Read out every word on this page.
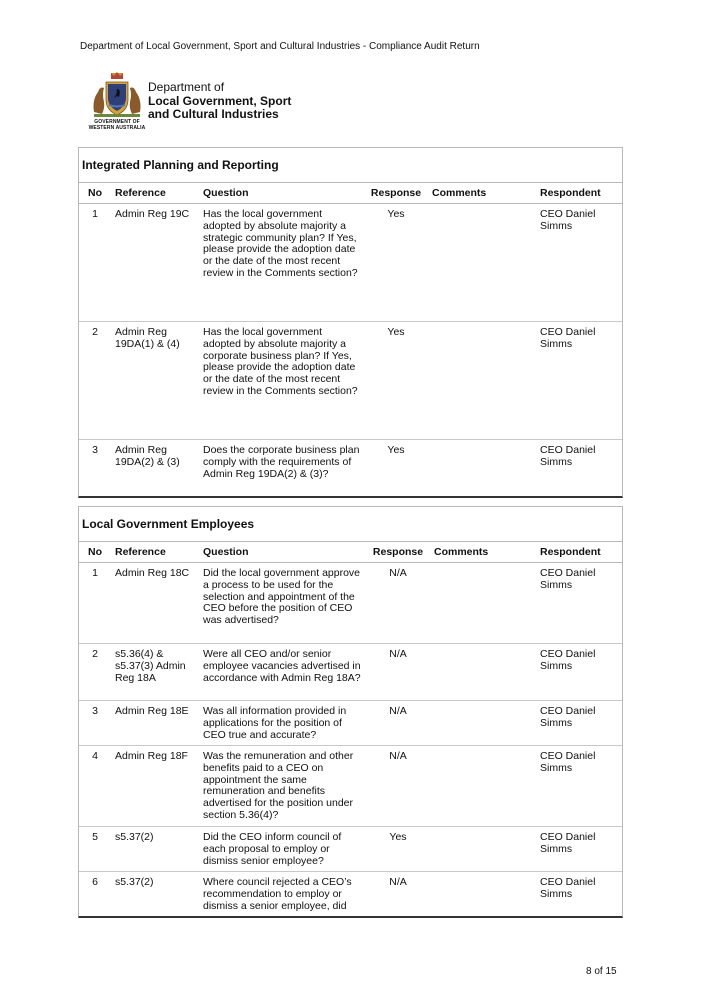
Department of Local Government, Sport and Cultural Industries - Compliance Audit Return
GOVERNMENT OF
WESTERN AUSTRALIA
Department of
Local Government, Sport
and Cultural Industries
Integrated Planning and Reporting
No	Reference	Question	Response	Comments	Respondent
1	Admin Reg 19C	Has the local government adopted by absolute majority a strategic community plan? If Yes, please provide the adoption date or the date of the most recent review in the Comments section?	Yes		CEO Daniel Simms
2	Admin Reg 19DA(1) & (4)	Has the local government adopted by absolute majority a corporate business plan? If Yes, please provide the adoption date or the date of the most recent review in the Comments section?	Yes		CEO Daniel Simms
3	Admin Reg 19DA(2) & (3)	Does the corporate business plan comply with the requirements of Admin Reg 19DA(2) & (3)?	Yes		CEO Daniel Simms
Local Government Employees
No	Reference	Question	Response	Comments	Respondent
1	Admin Reg 18C	Did the local government approve a process to be used for the selection and appointment of the CEO before the position of CEO was advertised?	N/A		CEO Daniel Simms
2	s5.36(4) & s5.37(3) Admin Reg 18A	Were all CEO and/or senior employee vacancies advertised in accordance with Admin Reg 18A?	N/A		CEO Daniel Simms
3	Admin Reg 18E	Was all information provided in applications for the position of CEO true and accurate?	N/A		CEO Daniel Simms
4	Admin Reg 18F	Was the remuneration and other benefits paid to a CEO on appointment the same remuneration and benefits advertised for the position under section 5.36(4)?	N/A		CEO Daniel Simms
5	s5.37(2)	Did the CEO inform council of each proposal to employ or dismiss senior employee?	Yes		CEO Daniel Simms
6	s5.37(2)	Where council rejected a CEO’s recommendation to employ or dismiss a senior employee, did	N/A		CEO Daniel Simms
8 of 15
